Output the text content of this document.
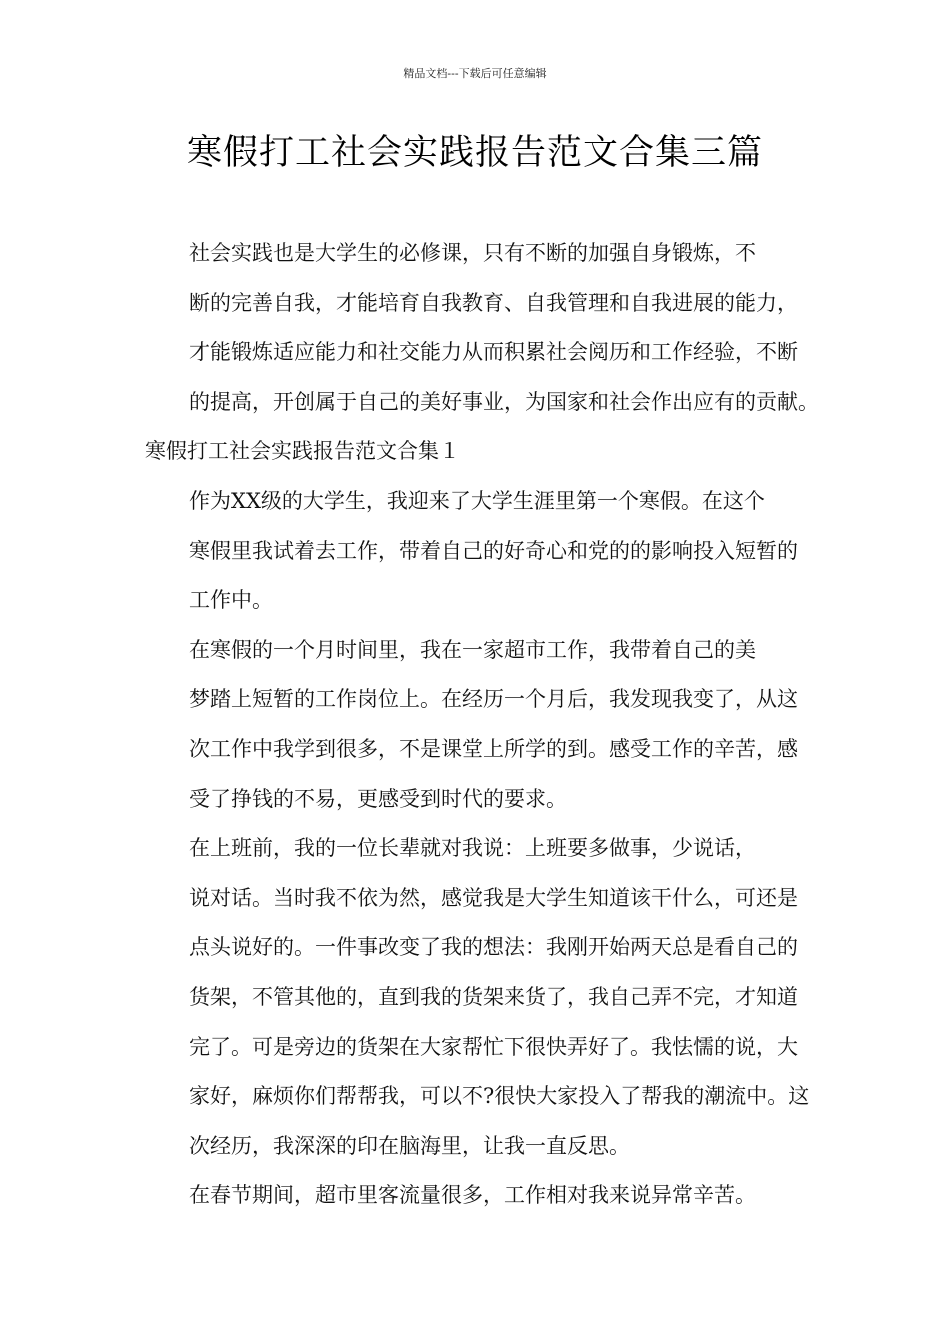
精品文档---下载后可任意编辑
寒假打工社会实践报告范文合集三篇

社会实践也是大学生的必修课，只有不断的加强自身锻炼，不
断的完善自我，才能培育自我教育、自我管理和自我进展的能力，
才能锻炼适应能力和社交能力从而积累社会阅历和工作经验，不断
的提高，开创属于自己的美好事业，为国家和社会作出应有的贡献。

寒假打工社会实践报告范文合集１

作为XX级的大学生，我迎来了大学生涯里第一个寒假。在这个
寒假里我试着去工作，带着自己的好奇心和党的的影响投入短暂的
工作中。

在寒假的一个月时间里，我在一家超市工作，我带着自己的美
梦踏上短暂的工作岗位上。在经历一个月后，我发现我变了，从这
次工作中我学到很多，不是课堂上所学的到。感受工作的辛苦，感
受了挣钱的不易，更感受到时代的要求。

在上班前，我的一位长辈就对我说：上班要多做事，少说话，
说对话。当时我不依为然，感觉我是大学生知道该干什么，可还是
点头说好的。一件事改变了我的想法：我刚开始两天总是看自己的
货架，不管其他的，直到我的货架来货了，我自己弄不完，才知道
完了。可是旁边的货架在大家帮忙下很快弄好了。我怯懦的说，大
家好，麻烦你们帮帮我，可以不?很快大家投入了帮我的潮流中。这
次经历，我深深的印在脑海里，让我一直反思。

在春节期间，超市里客流量很多，工作相对我来说异常辛苦。
